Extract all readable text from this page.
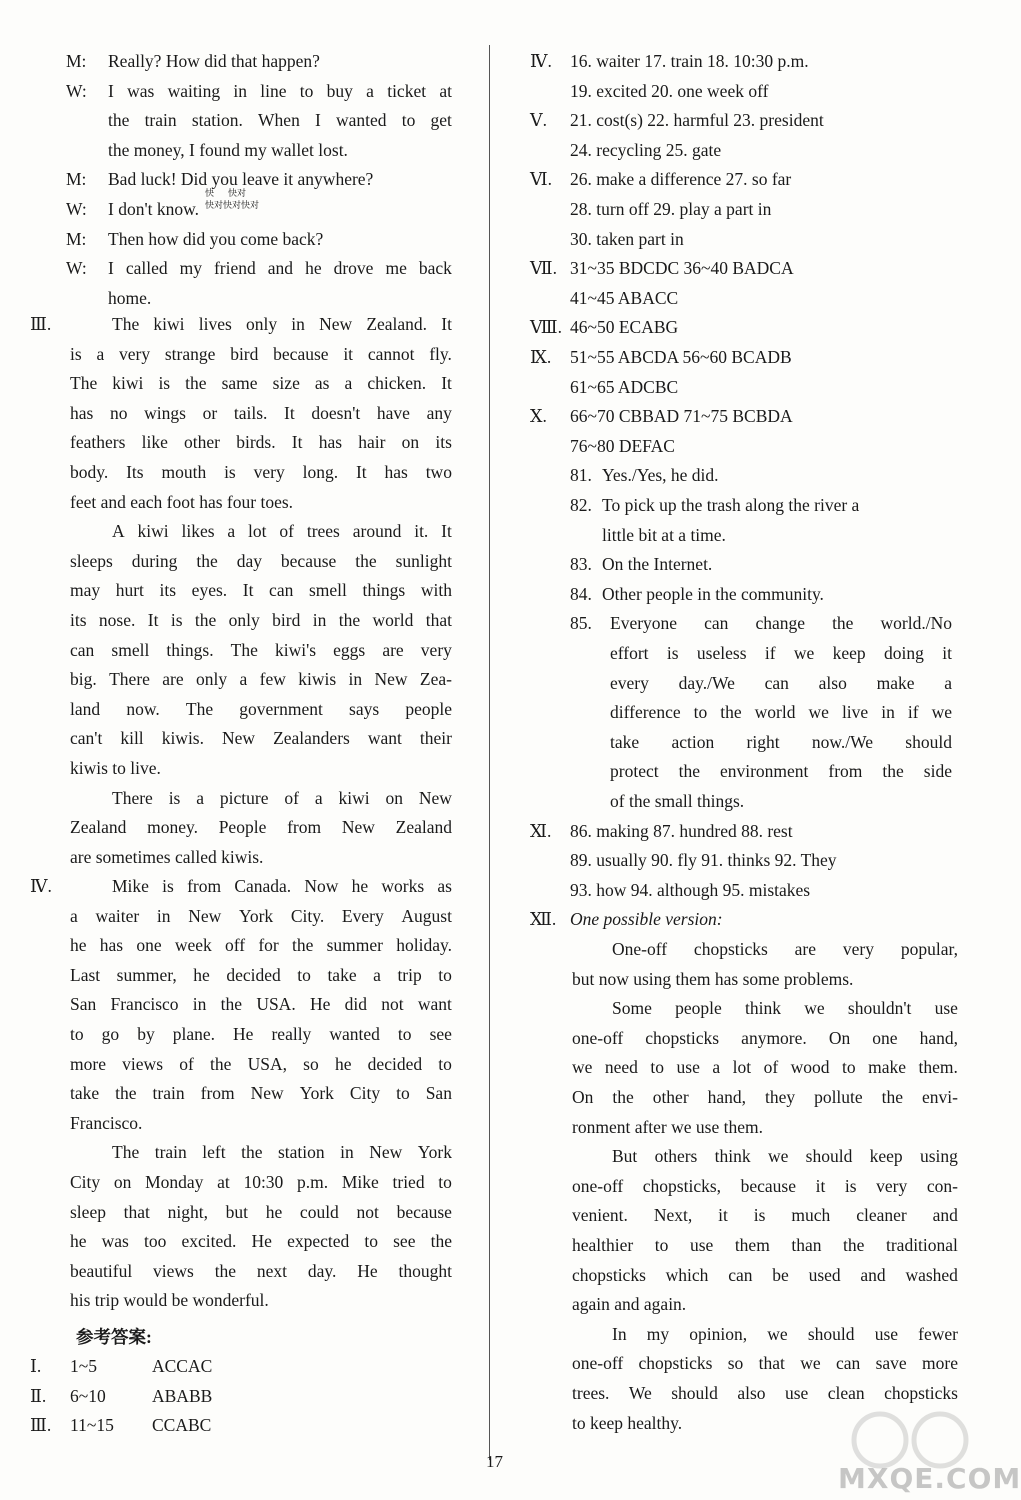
M: Really? How did that happen?
W: I was waiting in line to buy a ticket at
the train station. When I wanted to get
the money, I found my wallet lost.
M: Bad luck! Did you leave it anywhere?
W: I don't know.
M: Then how did you come back?
W: I called my friend and he drove me back
home.
Ⅲ.	The kiwi lives only in New Zealand. It
is a very strange bird because it cannot fly.
The kiwi is the same size as a chicken. It
has no wings or tails. It doesn't have any
feathers like other birds. It has hair on its
body. Its mouth is very long. It has two
feet and each foot has four toes.
A kiwi likes a lot of trees around it. It
sleeps during the day because the sunlight
may hurt its eyes. It can smell things with
its nose. It is the only bird in the world that
can smell things. The kiwi's eggs are very
big. There are only a few kiwis in New Zea-
land now. The government says people
can't kill kiwis. New Zealanders want their
kiwis to live.
There is a picture of a kiwi on New
Zealand money. People from New Zealand
are sometimes called kiwis.
Ⅳ.	Mike is from Canada. Now he works as
a waiter in New York City. Every August
he has one week off for the summer holiday.
Last summer, he decided to take a trip to
San Francisco in the USA. He did not want
to go by plane. He really wanted to see
more views of the USA, so he decided to
take the train from New York City to San
Francisco.
The train left the station in New York
City on Monday at 10:30 p.m. Mike tried to
sleep that night, but he could not because
he was too excited. He expected to see the
beautiful views the next day. He thought
his trip would be wonderful.
参考答案:
Ⅰ. 1~5	ACCAC
Ⅱ. 6~10	ABABB
Ⅲ. 11~15 CCABC
Ⅳ. 16. waiter 17. train 18. 10:30 p.m.
19. excited 20. one week off
Ⅴ. 21. cost(s) 22. harmful 23. president
24. recycling 25. gate
Ⅵ. 26. make a difference 27. so far
28. turn off 29. play a part in
30. taken part in
Ⅶ. 31~35 BDCDC 36~40 BADCA
41~45 ABACC
Ⅷ. 46~50 ECABG
Ⅸ. 51~55 ABCDA 56~60 BCADB
61~65 ADCBC
Ⅹ. 66~70 CBBAD 71~75 BCBDA
76~80 DEFAC
81. Yes./Yes, he did.
82. To pick up the trash along the river a
little bit at a time.
83. On the Internet.
84. Other people in the community.
85. Everyone can change the world./No
effort is useless if we keep doing it
every day./We can also make a
difference to the world we live in if we
take action right now./We should
protect the environment from the side
of the small things.
Ⅺ. 86. making 87. hundred 88. rest
89. usually 90. fly 91. thinks 92. They
93. how 94. although 95. mistakes
Ⅻ. One possible version:
One-off chopsticks are very popular,
but now using them has some problems.
Some people think we shouldn't use
one-off chopsticks anymore. On one hand,
we need to use a lot of wood to make them.
On the other hand, they pollute the envi-
ronment after we use them.
But others think we should keep using
one-off chopsticks, because it is very con-
venient. Next, it is much cleaner and
healthier to use them than the traditional
chopsticks which can be used and washed
again and again.
In my opinion, we should use fewer
one-off chopsticks so that we can save more
trees. We should also use clean chopsticks
to keep healthy.
17
快 快对
快对快对快对
MXQE.COM
